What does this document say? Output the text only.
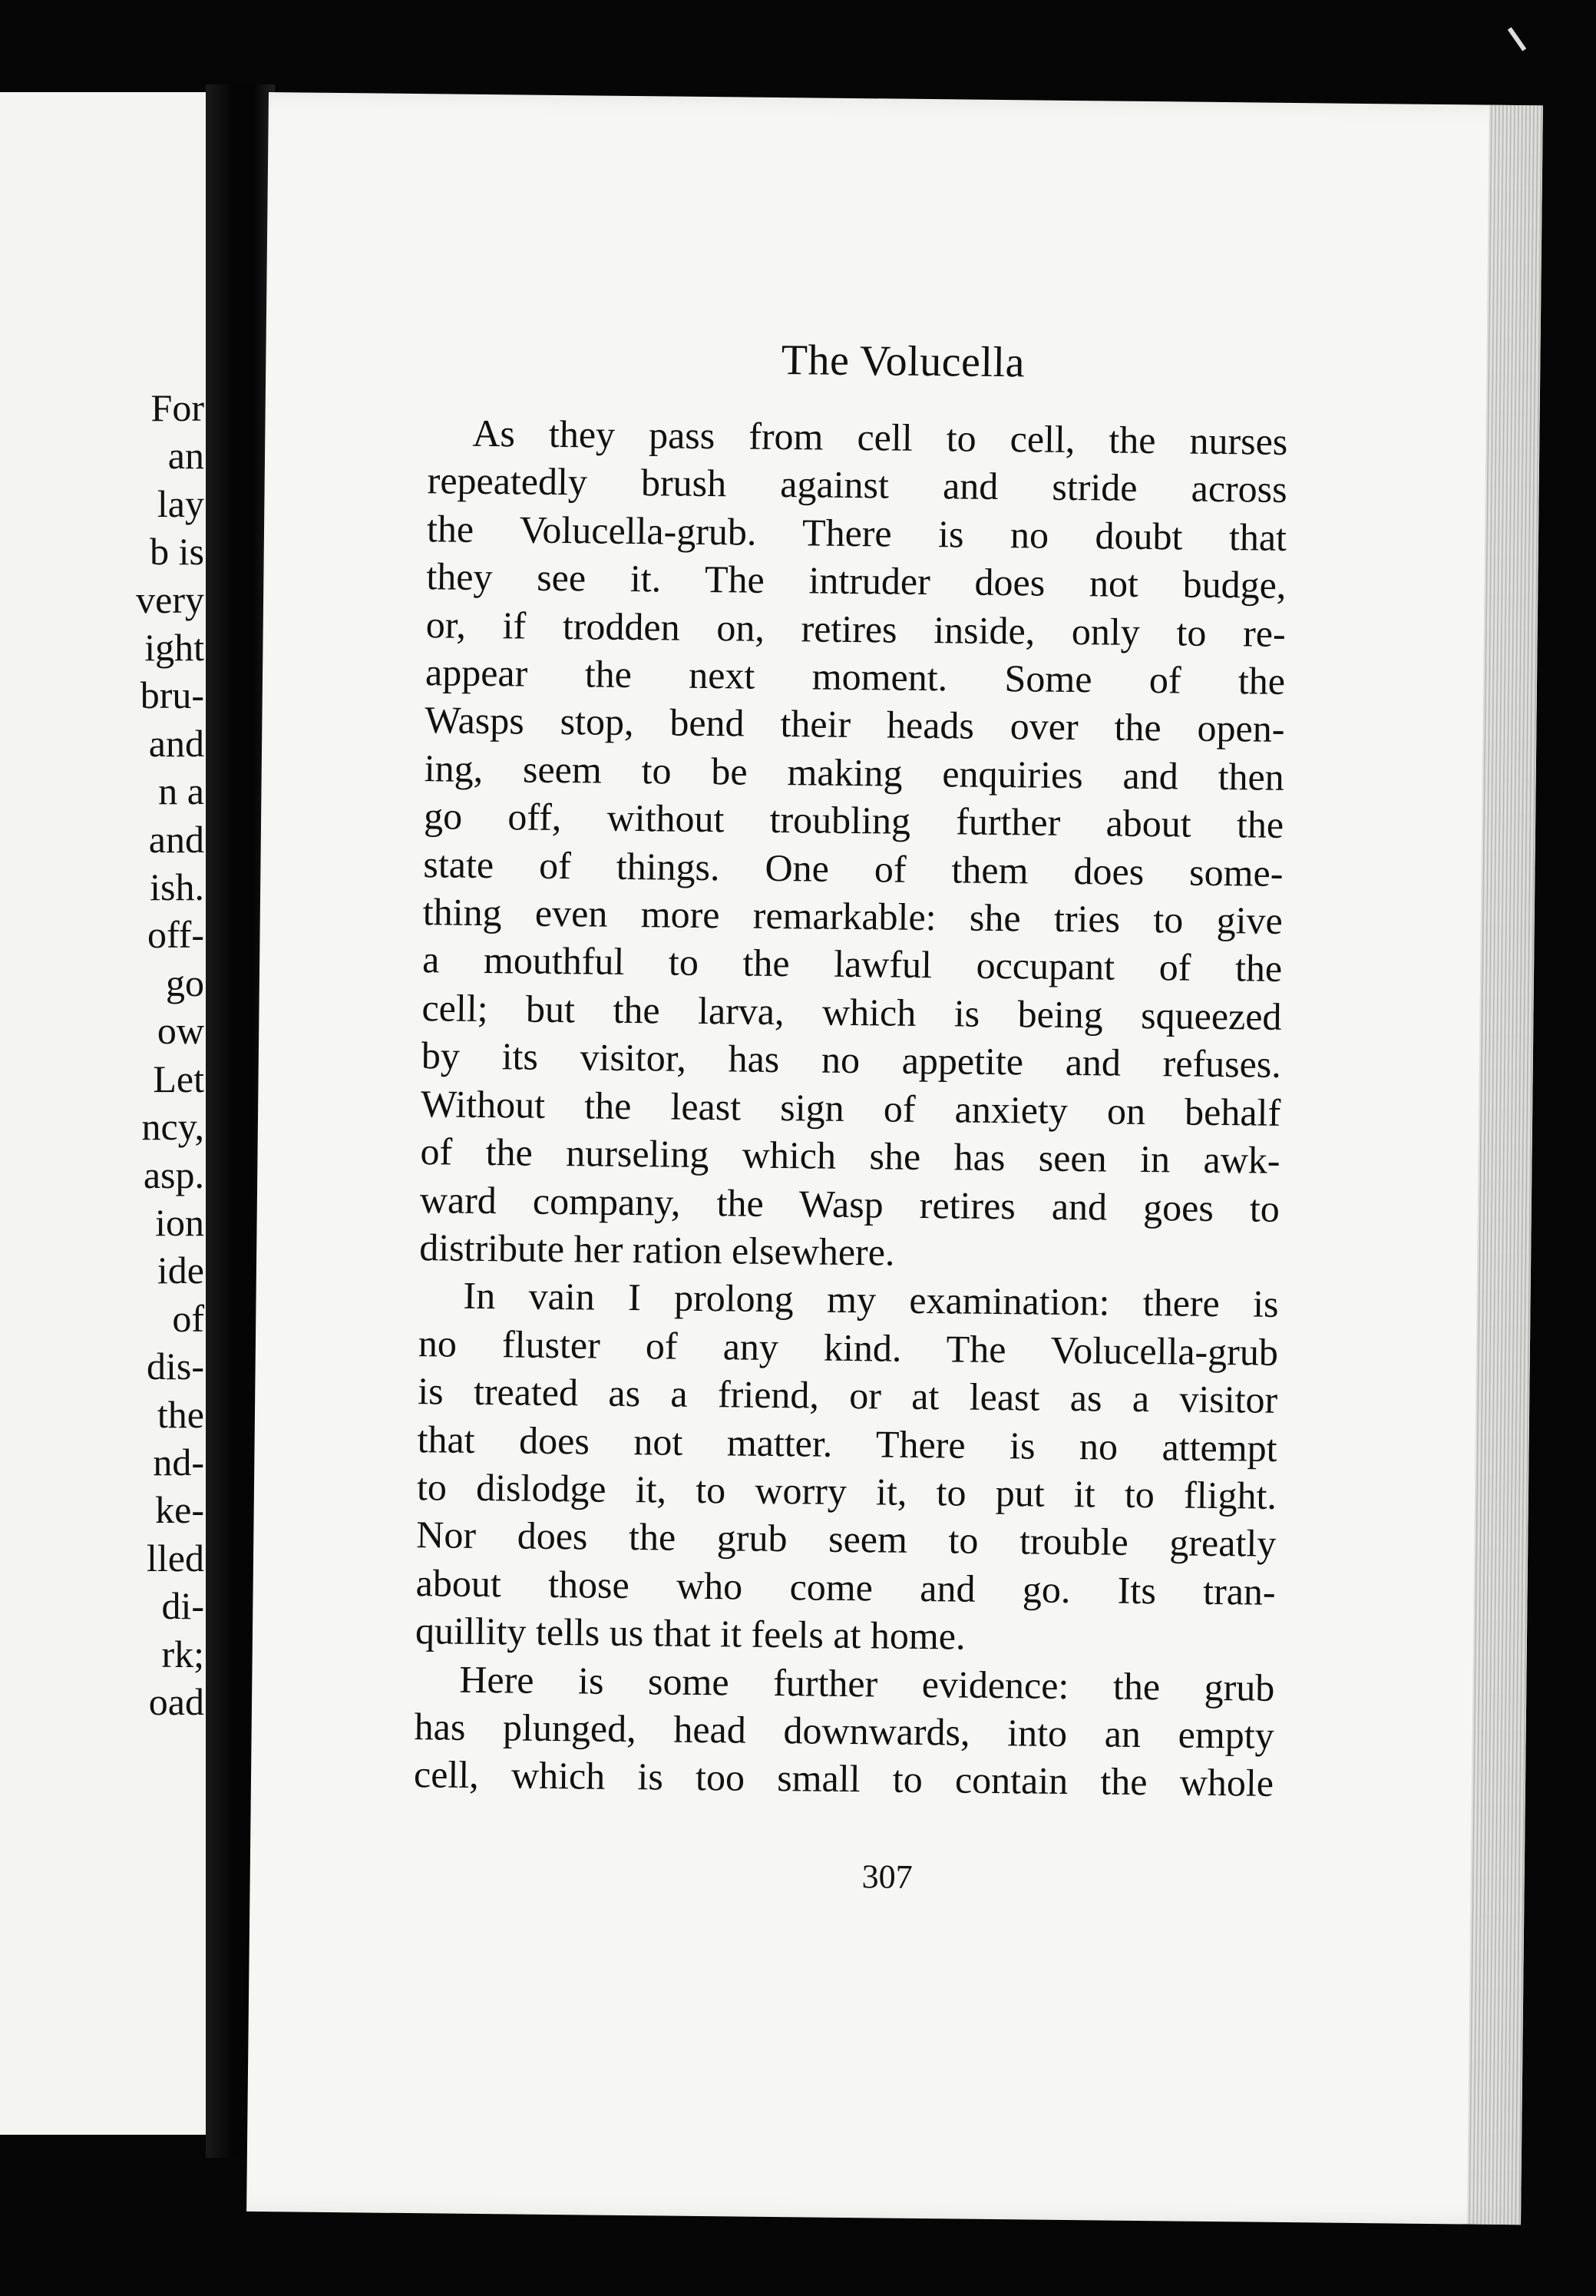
For
an
lay
b is
very
ight
bru-
and
n a
and
ish.
off-
go
ow
Let
ncy,
asp.
ion
ide
of
dis-
the
nd-
ke-
lled
di-
rk;
oad
The Volucella

As they pass from cell to cell, the nurses
repeatedly brush against and stride across
the Volucella-grub. There is no doubt that
they see it. The intruder does not budge,
or, if trodden on, retires inside, only to re-
appear the next moment. Some of the
Wasps stop, bend their heads over the open-
ing, seem to be making enquiries and then
go off, without troubling further about the
state of things. One of them does some-
thing even more remarkable: she tries to give
a mouthful to the lawful occupant of the
cell; but the larva, which is being squeezed
by its visitor, has no appetite and refuses.
Without the least sign of anxiety on behalf
of the nurseling which she has seen in awk-
ward company, the Wasp retires and goes to
distribute her ration elsewhere.

In vain I prolong my examination: there is
no fluster of any kind. The Volucella-grub
is treated as a friend, or at least as a visitor
that does not matter. There is no attempt
to dislodge it, to worry it, to put it to flight.
Nor does the grub seem to trouble greatly
about those who come and go. Its tran-
quillity tells us that it feels at home.

Here is some further evidence: the grub
has plunged, head downwards, into an empty
cell, which is too small to contain the whole

307
